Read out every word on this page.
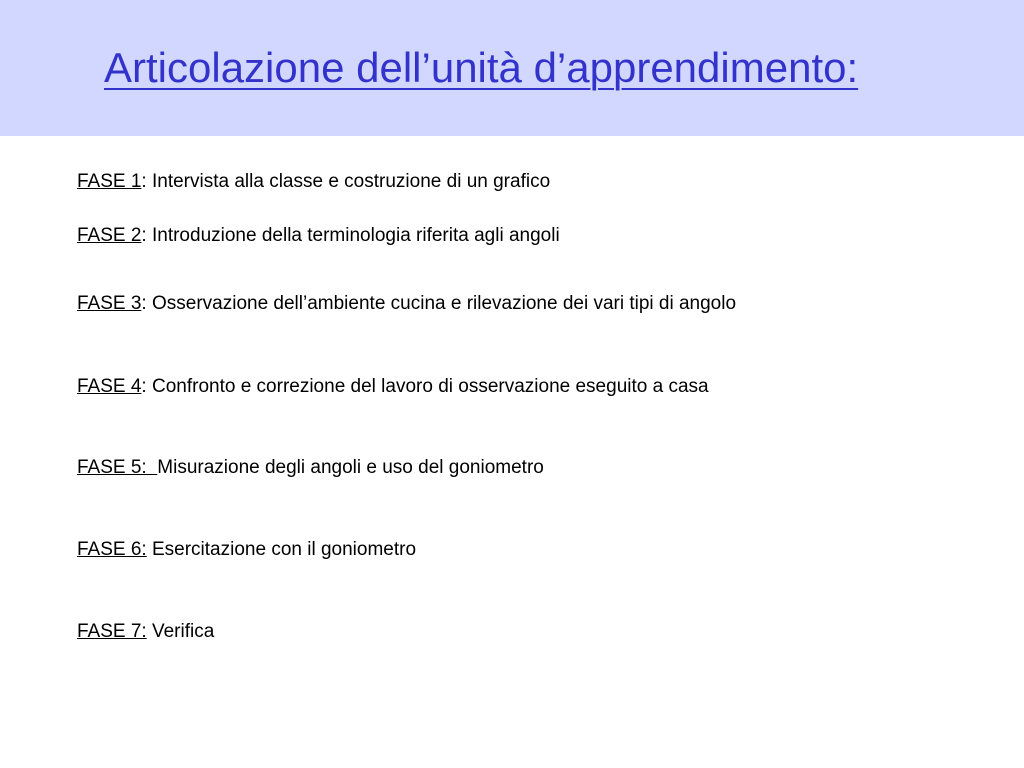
Articolazione dell’unità d’apprendimento:

FASE 1: Intervista alla classe e costruzione di un grafico

FASE 2: Introduzione della terminologia riferita agli angoli

FASE 3: Osservazione dell’ambiente cucina e rilevazione dei vari tipi di angolo

FASE 4: Confronto e correzione del lavoro di osservazione eseguito a casa

FASE 5:  Misurazione degli angoli e uso del goniometro

FASE 6: Esercitazione con il goniometro

FASE 7: Verifica
